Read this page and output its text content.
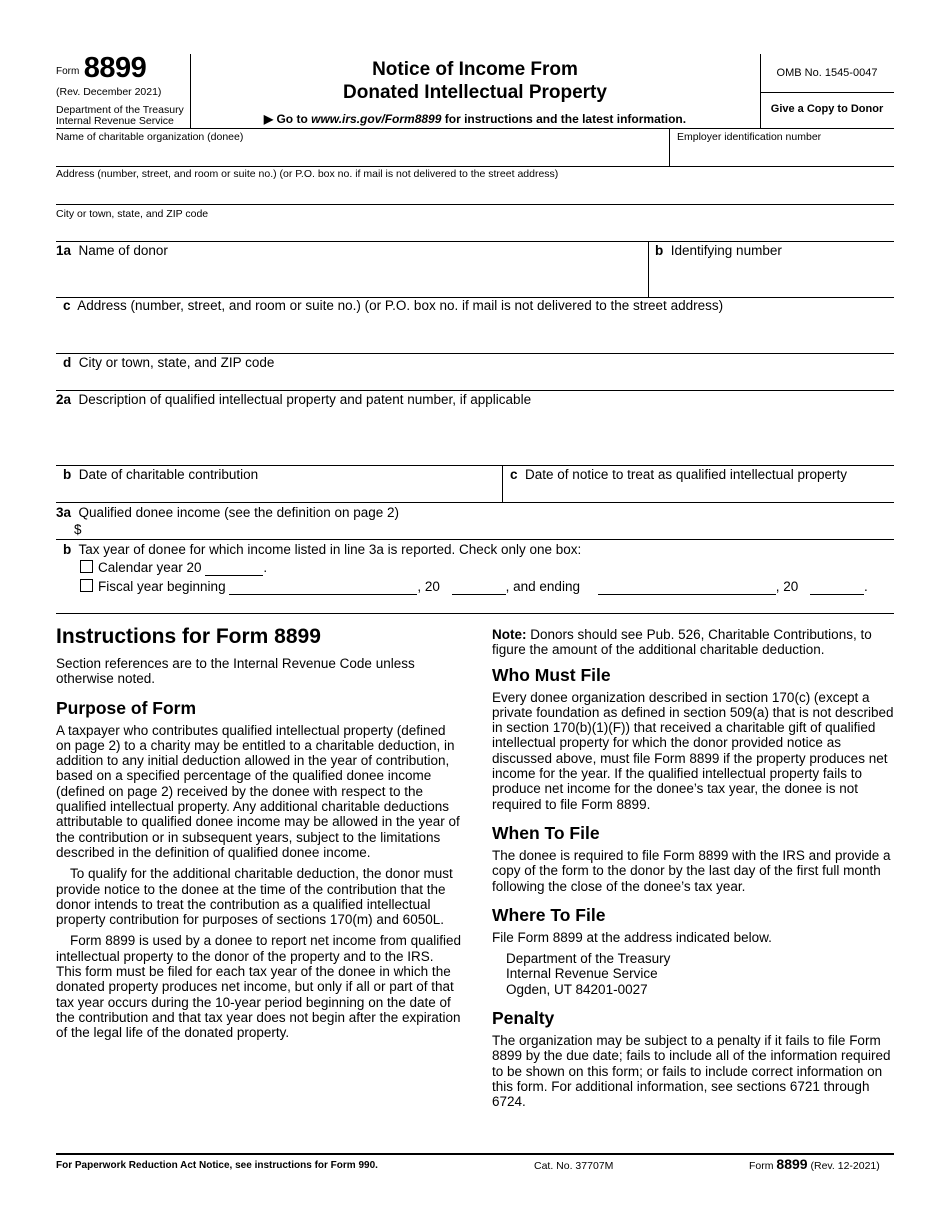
Form 8899
(Rev. December 2021)
Department of the Treasury
Internal Revenue Service
Notice of Income From
Donated Intellectual Property
▶ Go to www.irs.gov/Form8899 for instructions and the latest information.
OMB No. 1545-0047
Give a Copy to Donor
Name of charitable organization (donee)	Employer identification number
Address (number, street, and room or suite no.) (or P.O. box no. if mail is not delivered to the street address)
City or town, state, and ZIP code
1a Name of donor	b Identifying number
c Address (number, street, and room or suite no.) (or P.O. box no. if mail is not delivered to the street address)
d City or town, state, and ZIP code
2a Description of qualified intellectual property and patent number, if applicable
b Date of charitable contribution	c Date of notice to treat as qualified intellectual property
3a Qualified donee income (see the definition on page 2)
$
b Tax year of donee for which income listed in line 3a is reported. Check only one box:
Calendar year 20	.
Fiscal year beginning	, 20	, and ending	, 20	.
Instructions for Form 8899

Section references are to the Internal Revenue Code unless otherwise noted.

Purpose of Form

A taxpayer who contributes qualified intellectual property (defined on page 2) to a charity may be entitled to a charitable deduction, in addition to any initial deduction allowed in the year of contribution, based on a specified percentage of the qualified donee income (defined on page 2) received by the donee with respect to the qualified intellectual property. Any additional charitable deductions attributable to qualified donee income may be allowed in the year of the contribution or in subsequent years, subject to the limitations described in the definition of qualified donee income.

To qualify for the additional charitable deduction, the donor must provide notice to the donee at the time of the contribution that the donor intends to treat the contribution as a qualified intellectual property contribution for purposes of sections 170(m) and 6050L.

Form 8899 is used by a donee to report net income from qualified intellectual property to the donor of the property and to the IRS. This form must be filed for each tax year of the donee in which the donated property produces net income, but only if all or part of that tax year occurs during the 10-year period beginning on the date of the contribution and that tax year does not begin after the expiration of the legal life of the donated property.

Note: Donors should see Pub. 526, Charitable Contributions, to figure the amount of the additional charitable deduction.

Who Must File

Every donee organization described in section 170(c) (except a private foundation as defined in section 509(a) that is not described in section 170(b)(1)(F)) that received a charitable gift of qualified intellectual property for which the donor provided notice as discussed above, must file Form 8899 if the property produces net income for the year. If the qualified intellectual property fails to produce net income for the donee’s tax year, the donee is not required to file Form 8899.

When To File

The donee is required to file Form 8899 with the IRS and provide a copy of the form to the donor by the last day of the first full month following the close of the donee’s tax year.

Where To File

File Form 8899 at the address indicated below.

Department of the Treasury
Internal Revenue Service
Ogden, UT 84201-0027
Penalty

The organization may be subject to a penalty if it fails to file Form 8899 by the due date; fails to include all of the information required to be shown on this form; or fails to include correct information on this form. For additional information, see sections 6721 through 6724.

For Paperwork Reduction Act Notice, see instructions for Form 990.	Cat. No. 37707M	Form 8899 (Rev. 12-2021)
